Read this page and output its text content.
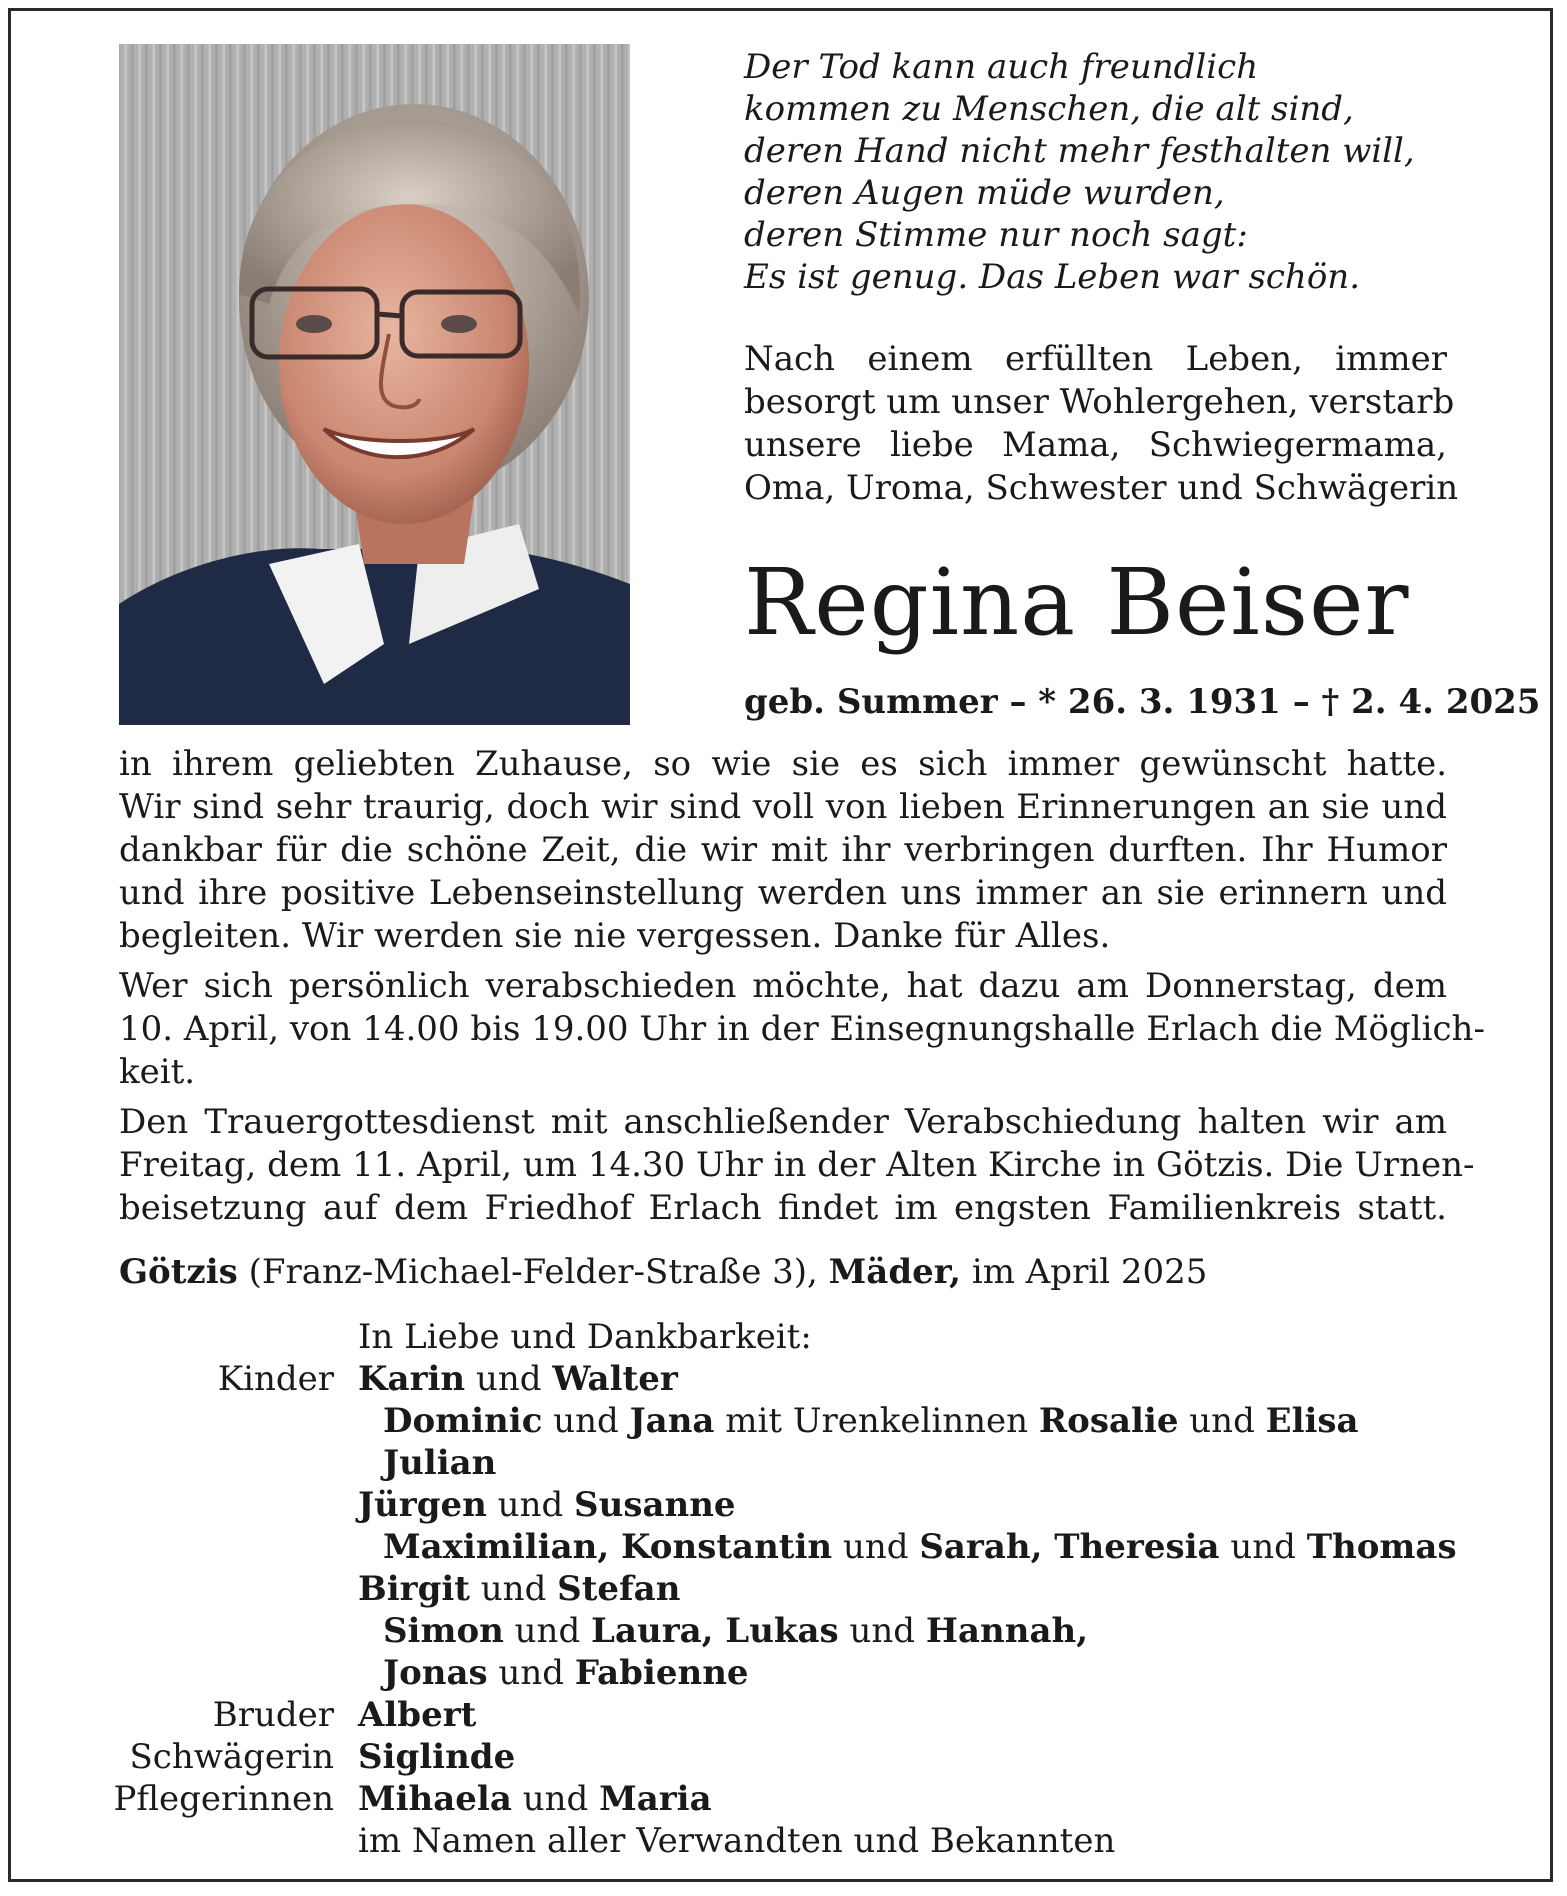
Der Tod kann auch freundlich
kommen zu Menschen, die alt sind,
deren Hand nicht mehr festhalten will,
deren Augen müde wurden,
deren Stimme nur noch sagt:
Es ist genug. Das Leben war schön.
Nach einem erfüllten Leben, immer
besorgt um unser Wohlergehen, verstarb
unsere liebe Mama, Schwiegermama,
Oma, Uroma, Schwester und Schwägerin
Regina Beiser
geb. Summer – * 26. 3. 1931 – † 2. 4. 2025
in ihrem geliebten Zuhause, so wie sie es sich immer gewünscht hatte.
Wir sind sehr traurig, doch wir sind voll von lieben Erinnerungen an sie und
dankbar für die schöne Zeit, die wir mit ihr verbringen durften. Ihr Humor
und ihre positive Lebenseinstellung werden uns immer an sie erinnern und
begleiten. Wir werden sie nie vergessen. Danke für Alles.
Wer sich persönlich verabschieden möchte, hat dazu am Donnerstag, dem
10. April, von 14.00 bis 19.00 Uhr in der Einsegnungshalle Erlach die Möglich-
keit.
Den Trauergottesdienst mit anschließender Verabschiedung halten wir am
Freitag, dem 11. April, um 14.30 Uhr in der Alten Kirche in Götzis. Die Urnen-
beisetzung auf dem Friedhof Erlach findet im engsten Familienkreis statt.
Götzis (Franz-Michael-Felder-Straße 3), Mäder, im April 2025
In Liebe und Dankbarkeit:
Kinder Karin und Walter
Dominic und Jana mit Urenkelinnen Rosalie und Elisa
Julian
Jürgen und Susanne
Maximilian, Konstantin und Sarah, Theresia und Thomas
Birgit und Stefan
Simon und Laura, Lukas und Hannah,
Jonas und Fabienne
Bruder Albert
Schwägerin Siglinde
Pflegerinnen Mihaela und Maria
im Namen aller Verwandten und Bekannten
